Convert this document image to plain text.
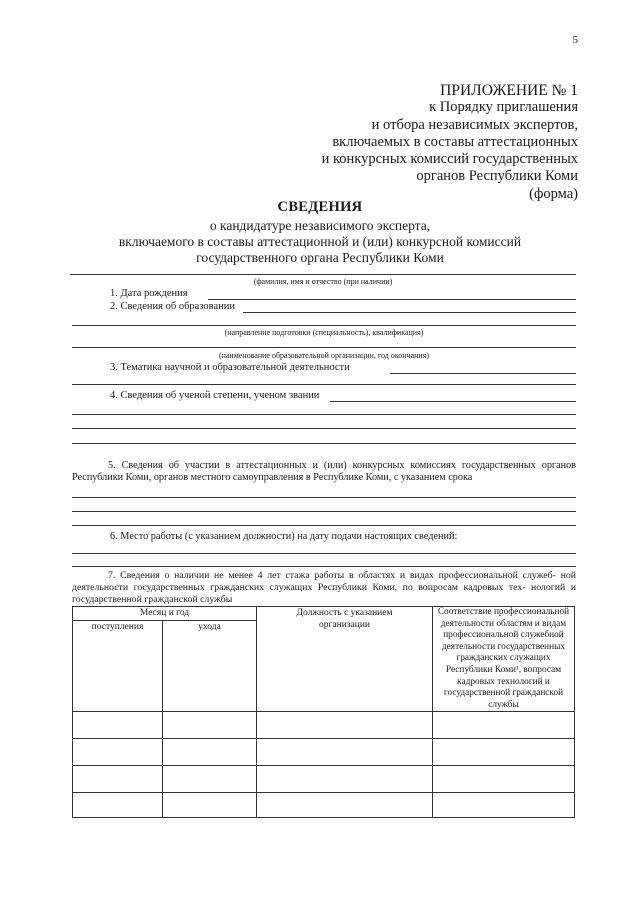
5
ПРИЛОЖЕНИЕ № 1
к Порядку приглашения
и отбора независимых экспертов,
включаемых в составы аттестационных
и конкурсных комиссий государственных
органов Республики Коми
(форма)
СВЕДЕНИЯ
о кандидатуре независимого эксперта,
включаемого в составы аттестационной и (или) конкурсной комиссий
государственного органа Республики Коми
(фамилия, имя и отчество (при наличии)
1. Дата рождения
2. Сведения об образовании
(направление подготовки (специальность), квалификация)
(наименование образовательной организации, год окончания)
3. Тематика научной и образовательной деятельности
4. Сведения об ученой степени, ученом звании
5. Сведения об участии в аттестационных и (или) конкурсных комиссиях государственных органов Республики Коми, органов местного самоуправления в Республике Коми, с указанием срока
6. Место работы (с указанием должности) на дату подачи настоящих сведений:
7. Сведения о наличии не менее 4 лет стажа работы в областях и видах профессиональной служеб- ной деятельности государственных гражданских служащих Республики Коми, по вопросам кадровых тех- нологий и государственной гражданской службы
Месяц и год		Должность с указанием организации	Соответствие профессиональной деятельности областям и видам профессиональной служебной деятельности государственных гражданских служащих Республики Коми¹, вопросам кадровых технологий и государственной гражданской службы
поступления	ухода		
